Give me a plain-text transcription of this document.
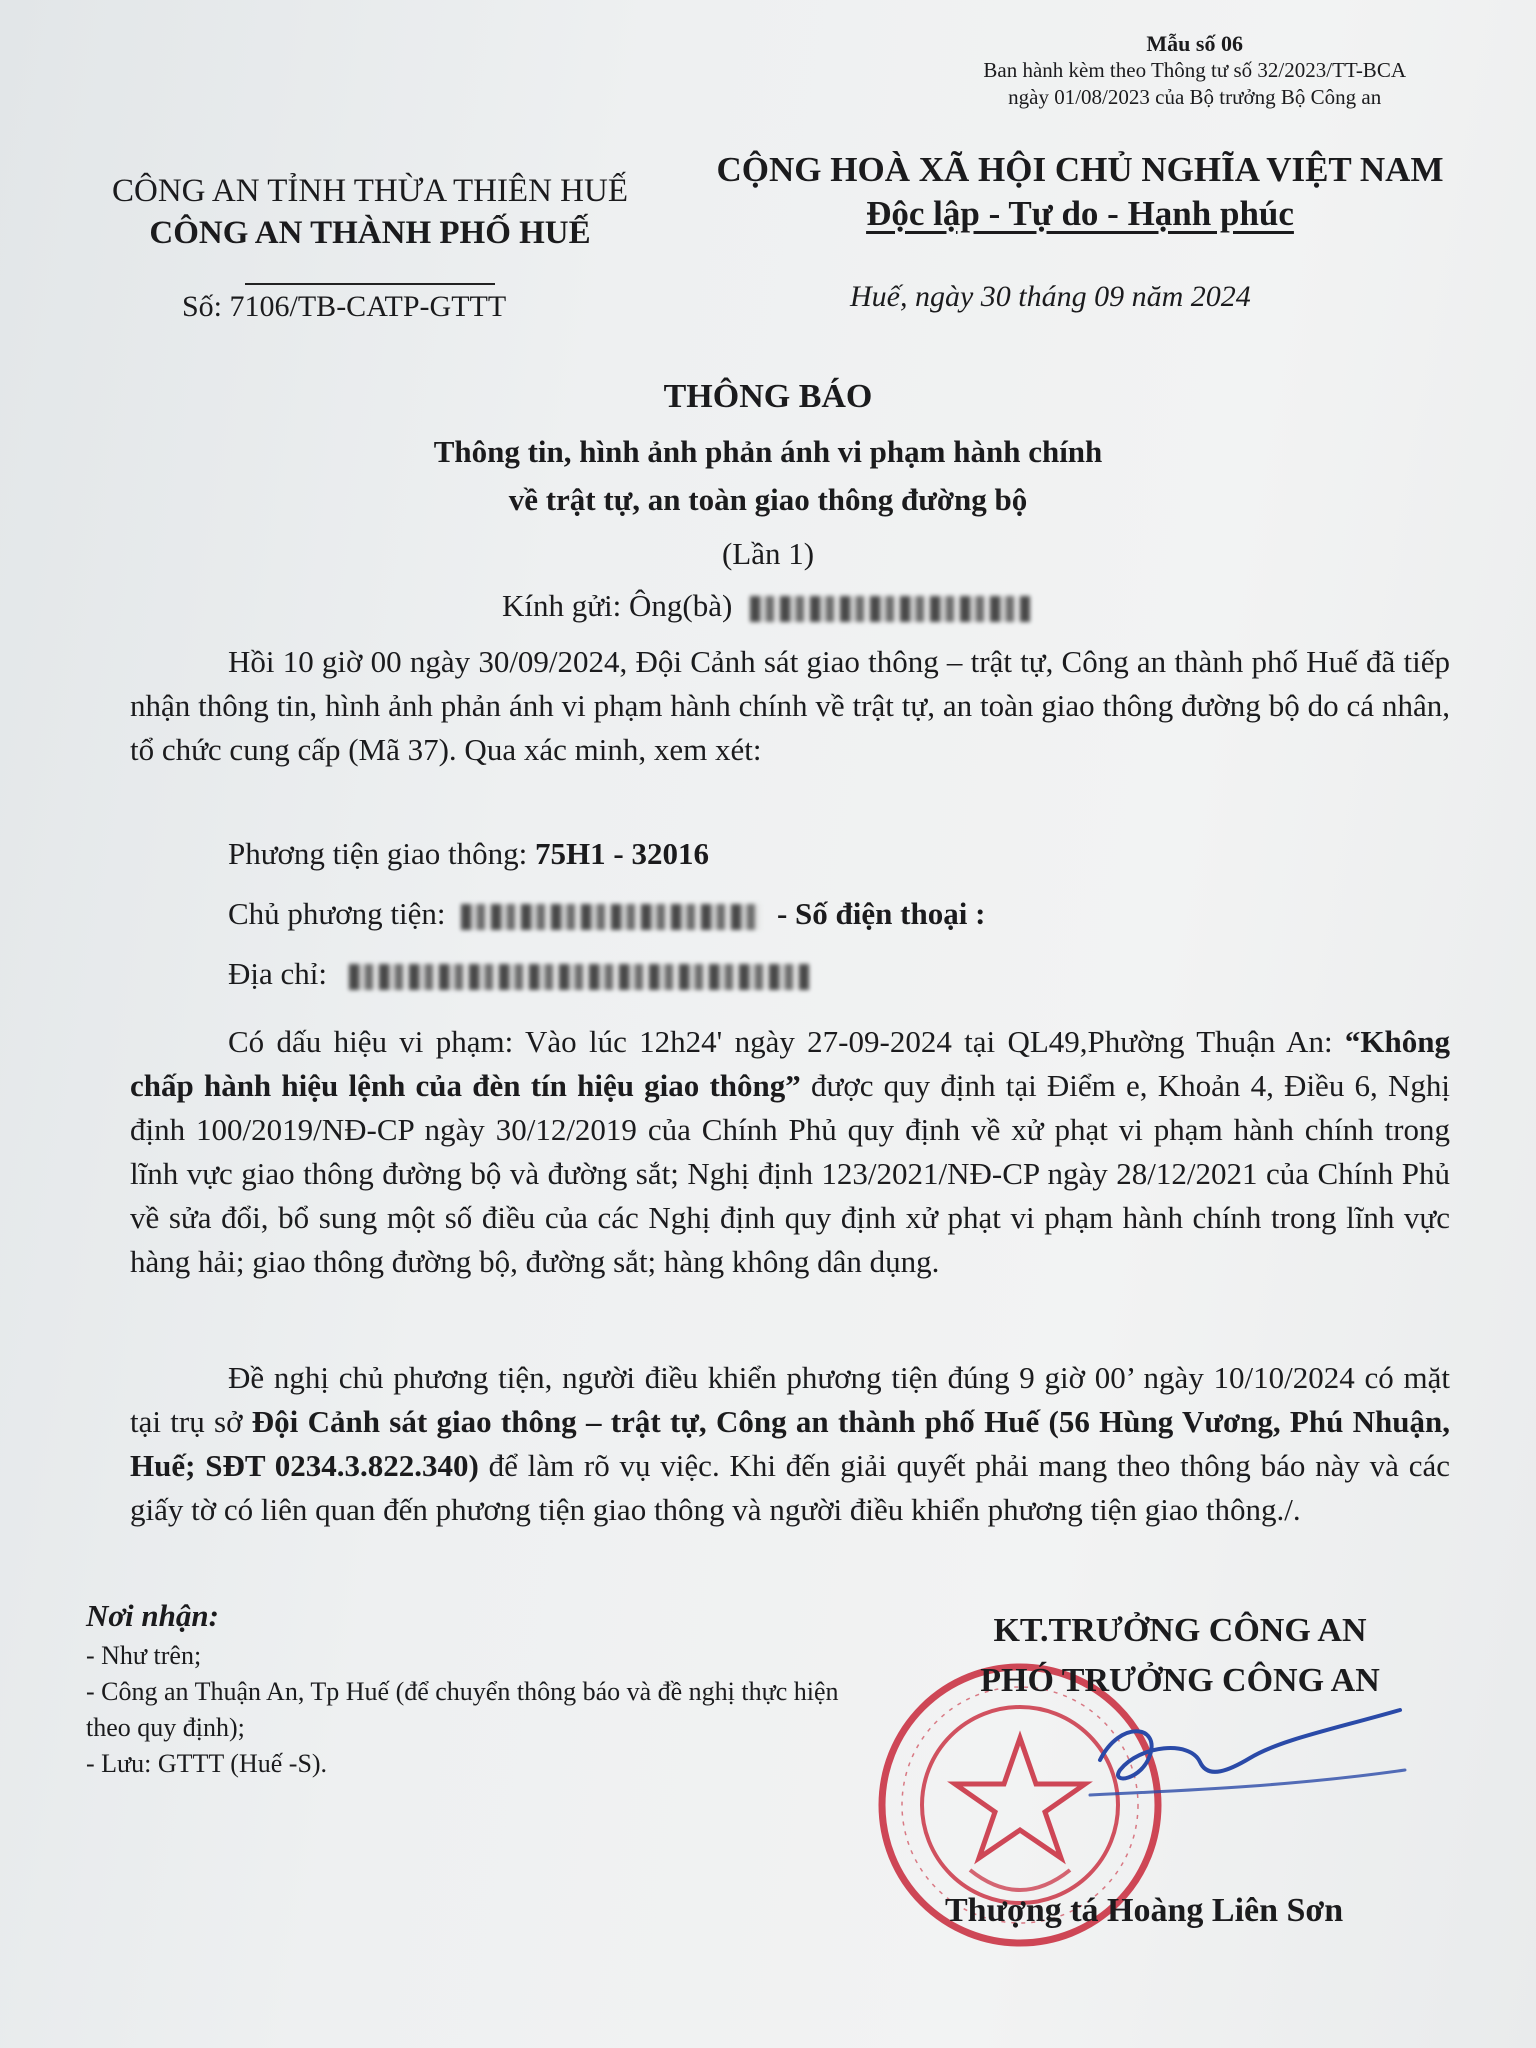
Mẫu số 06
Ban hành kèm theo Thông tư số 32/2023/TT-BCA
ngày 01/08/2023 của Bộ trưởng Bộ Công an
CÔNG AN TỈNH THỪA THIÊN HUẾ
CÔNG AN THÀNH PHỐ HUẾ
CỘNG HOÀ XÃ HỘI CHỦ NGHĨA VIỆT NAM
Độc lập - Tự do - Hạnh phúc
Số: 7106/TB-CATP-GTTT	Huế, ngày 30 tháng 09 năm 2024
THÔNG BÁO
Thông tin, hình ảnh phản ánh vi phạm hành chính
về trật tự, an toàn giao thông đường bộ
(Lần 1)
Kính gửi: Ông(bà)
Hồi 10 giờ 00 ngày 30/09/2024, Đội Cảnh sát giao thông – trật tự, Công an thành phố Huế đã tiếp nhận thông tin, hình ảnh phản ánh vi phạm hành chính về trật tự, an toàn giao thông đường bộ do cá nhân, tổ chức cung cấp (Mã 37). Qua xác minh, xem xét:
Phương tiện giao thông: 75H1 - 32016
Chủ phương tiện:	- Số điện thoại :
Địa chỉ:
Có dấu hiệu vi phạm: Vào lúc 12h24' ngày 27-09-2024 tại QL49,Phường Thuận An: “Không chấp hành hiệu lệnh của đèn tín hiệu giao thông” được quy định tại Điểm e, Khoản 4, Điều 6, Nghị định 100/2019/NĐ-CP ngày 30/12/2019 của Chính Phủ quy định về xử phạt vi phạm hành chính trong lĩnh vực giao thông đường bộ và đường sắt; Nghị định 123/2021/NĐ-CP ngày 28/12/2021 của Chính Phủ về sửa đổi, bổ sung một số điều của các Nghị định quy định xử phạt vi phạm hành chính trong lĩnh vực hàng hải; giao thông đường bộ, đường sắt; hàng không dân dụng.
Đề nghị chủ phương tiện, người điều khiển phương tiện đúng 9 giờ 00’ ngày 10/10/2024 có mặt tại trụ sở Đội Cảnh sát giao thông – trật tự, Công an thành phố Huế (56 Hùng Vương, Phú Nhuận, Huế; SĐT 0234.3.822.340) để làm rõ vụ việc. Khi đến giải quyết phải mang theo thông báo này và các giấy tờ có liên quan đến phương tiện giao thông và người điều khiển phương tiện giao thông./.
Nơi nhận:
- Như trên;
- Công an Thuận An, Tp Huế (để chuyển thông báo và đề nghị thực hiện theo quy định);
- Lưu: GTTT (Huế -S).
KT.TRƯỞNG CÔNG AN
PHÓ TRƯỞNG CÔNG AN
Thượng tá Hoàng Liên Sơn
